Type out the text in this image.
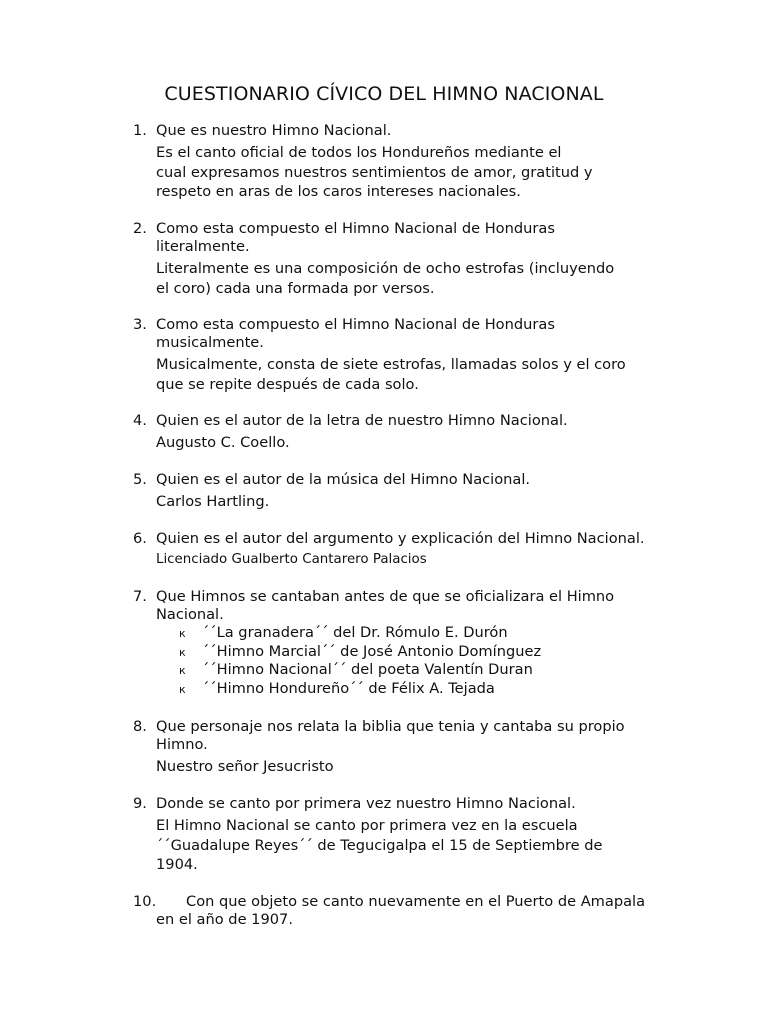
CUESTIONARIO CÍVICO DEL HIMNO NACIONAL
1. Que es nuestro Himno Nacional.
Es el canto oficial de todos los Hondureños mediante el
cual expresamos nuestros sentimientos de amor, gratitud y
respeto en aras de los caros intereses nacionales.
2. Como esta compuesto el Himno Nacional de Honduras
literalmente.
Literalmente es una composición de ocho estrofas (incluyendo
el coro) cada una formada por versos.
3. Como esta compuesto el Himno Nacional de Honduras
musicalmente.
Musicalmente, consta de siete estrofas, llamadas solos y el coro
que se repite después de cada solo.
4. Quien es el autor de la letra de nuestro Himno Nacional.
Augusto C. Coello.
5. Quien es el autor de la música del Himno Nacional.
Carlos Hartling.
6. Quien es el autor del argumento y explicación del Himno Nacional.
Licenciado Gualberto Cantarero Palacios
7. Que Himnos se cantaban antes de que se oficializara el Himno
Nacional.
к ´´La granadera´´ del Dr. Rómulo E. Durón
к ´´Himno Marcial´´ de José Antonio Domínguez
к ´´Himno Nacional´´ del poeta Valentín Duran
к ´´Himno Hondureño´´ de Félix A. Tejada
8. Que personaje nos relata la biblia que tenia y cantaba su propio
Himno.
Nuestro señor Jesucristo
9. Donde se canto por primera vez nuestro Himno Nacional.
El Himno Nacional se canto por primera vez en la escuela
´´Guadalupe Reyes´´ de Tegucigalpa el 15 de Septiembre de
1904.
10.	Con que objeto se canto nuevamente en el Puerto de Amapala
en el año de 1907.
